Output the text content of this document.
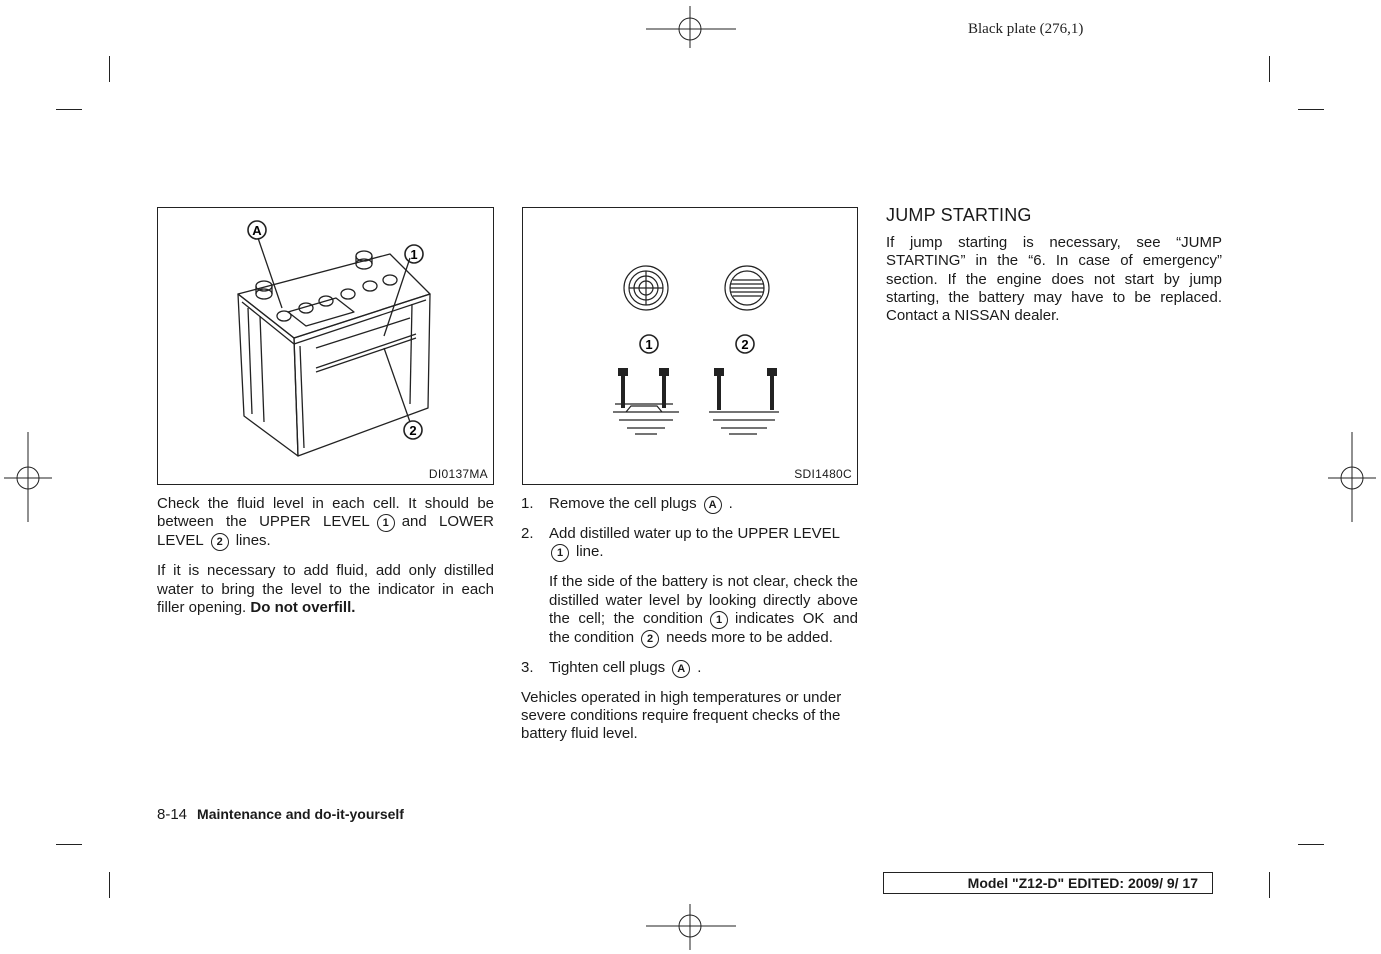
Black plate (276,1)
A
1
2
DI0137MA
1	2
SDI1480C

Check the fluid level in each cell. It should be between the UPPER LEVEL 1 and LOWER LEVEL 2 lines.

If it is necessary to add fluid, add only distilled water to bring the level to the indicator in each filler opening. Do not overfill.

1. Remove the cell plugs A .
2. Add distilled water up to the UPPER LEVEL
1 line.
If the side of the battery is not clear, check the distilled water level by looking directly above the cell; the condition 1 indicates OK and the condition 2 needs more to be added.
3. Tighten cell plugs A .

Vehicles operated in high temperatures or under severe conditions require frequent checks of the battery fluid level.

JUMP STARTING

If jump starting is necessary, see “JUMP STARTING” in the “6. In case of emergency” section. If the engine does not start by jump starting, the battery may have to be replaced. Contact a NISSAN dealer.

8-14 Maintenance and do-it-yourself
Model "Z12-D" EDITED: 2009/ 9/ 17
